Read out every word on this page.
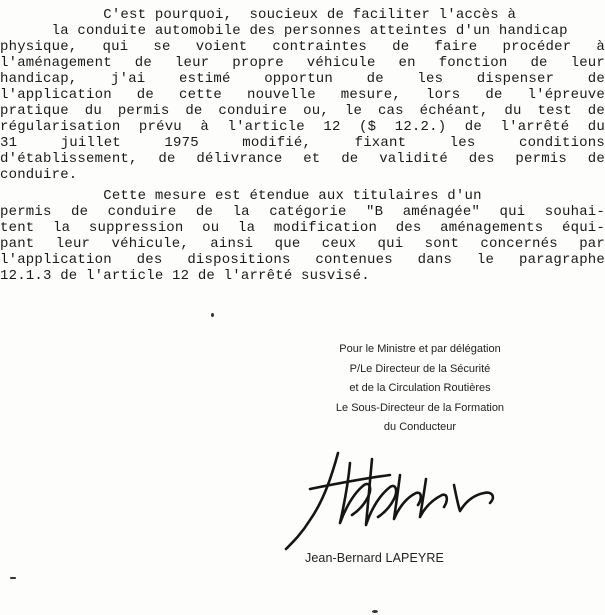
C'est pourquoi,  soucieux de faciliter l'accès à
la conduite automobile des personnes atteintes d'un handicap
physique, qui se voient contraintes de faire procéder à
l'aménagement de leur propre véhicule en fonction de leur
handicap, j'ai estimé opportun de les dispenser de
l'application de cette nouvelle mesure, lors de l'épreuve
pratique du permis de conduire ou, le cas échéant, du test de
régularisation prévu à l'article 12 ($ 12.2.) de l'arrêté du
31 juillet 1975 modifié, fixant les conditions
d'établissement, de délivrance et de validité des permis de
conduire.
Cette mesure est étendue aux titulaires d'un
permis de conduire de la catégorie "B aménagée" qui souhai-
tent la suppression ou la modification des aménagements équi-
pant leur véhicule, ainsi que ceux qui sont concernés par
l'application des dispositions contenues dans le paragraphe
12.1.3 de l'article 12 de l'arrêté susvisé.
Pour le Ministre et par délégation
P/Le Directeur de la Sécurité
et de la Circulation Routières
Le Sous-Directeur de la Formation
du Conducteur
Jean-Bernard LAPEYRE
